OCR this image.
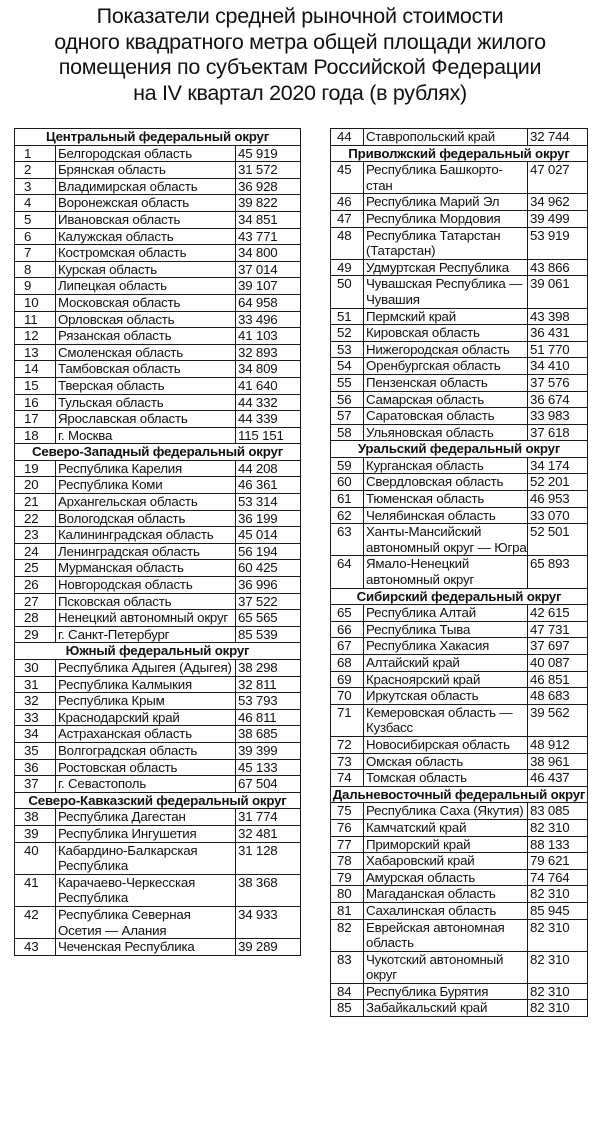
Показатели средней рыночной стоимости
одного квадратного метра общей площади жилого
помещения по субъектам Российской Федерации
на IV квартал 2020 года (в рублях)
Центральный федеральный округ		
1	Белгородская область	45 919
2	Брянская область	31 572
3	Владимирская область	36 928
4	Воронежская область	39 822
5	Ивановская область	34 851
6	Калужская область	43 771
7	Костромская область	34 800
8	Курская область	37 014
9	Липецкая область	39 107
10	Московская область	64 958
11	Орловская область	33 496
12	Рязанская область	41 103
13	Смоленская область	32 893
14	Тамбовская область	34 809
15	Тверская область	41 640
16	Тульская область	44 332
17	Ярославская область	44 339
18	г. Москва	115 151
Северо-Западный федеральный округ		
19	Республика Карелия	44 208
20	Республика Коми	46 361
21	Архангельская область	53 314
22	Вологодская область	36 199
23	Калининградская область	45 014
24	Ленинградская область	56 194
25	Мурманская область	60 425
26	Новгородская область	36 996
27	Псковская область	37 522
28	Ненецкий автономный округ	65 565
29	г. Санкт-Петербург	85 539
Южный федеральный округ		
30	Республика Адыгея (Адыгея)	38 298
31	Республика Калмыкия	32 811
32	Республика Крым	53 793
33	Краснодарский край	46 811
34	Астраханская область	38 685
35	Волгоградская область	39 399
36	Ростовская область	45 133
37	г. Севастополь	67 504
Северо-Кавказский федеральный округ		
38	Республика Дагестан	31 774
39	Республика Ингушетия	32 481
40	Кабардино-Балкарская Республика	31 128
41	Карачаево-Черкесская Республика	38 368
42	Республика Северная Осетия — Алания	34 933
43	Чеченская Республика	39 289
44	Ставропольский край	32 744
Приволжский федеральный округ		
45	Республика Башкорто-стан	47 027
46	Республика Марий Эл	34 962
47	Республика Мордовия	39 499
48	Республика Татарстан (Татарстан)	53 919
49	Удмуртская Республика	43 866
50	Чувашская Республика — Чувашия	39 061
51	Пермский край	43 398
52	Кировская область	36 431
53	Нижегородская область	51 770
54	Оренбургская область	34 410
55	Пензенская область	37 576
56	Самарская область	36 674
57	Саратовская область	33 983
58	Ульяновская область	37 618
Уральский федеральный округ		
59	Курганская область	34 174
60	Свердловская область	52 201
61	Тюменская область	46 953
62	Челябинская область	33 070
63	Ханты-Мансийский автономный округ — Югра	52 501
64	Ямало-Ненецкий автономный округ	65 893
Сибирский федеральный округ		
65	Республика Алтай	42 615
66	Республика Тыва	47 731
67	Республика Хакасия	37 697
68	Алтайский край	40 087
69	Красноярский край	46 851
70	Иркутская область	48 683
71	Кемеровская область — Кузбасс	39 562
72	Новосибирская область	48 912
73	Омская область	38 961
74	Томская область	46 437
Дальневосточный федеральный округ		
75	Республика Саха (Якутия)	83 085
76	Камчатский край	82 310
77	Приморский край	88 133
78	Хабаровский край	79 621
79	Амурская область	74 764
80	Магаданская область	82 310
81	Сахалинская область	85 945
82	Еврейская автономная область	82 310
83	Чукотский автономный округ	82 310
84	Республика Бурятия	82 310
85	Забайкальский край	82 310
